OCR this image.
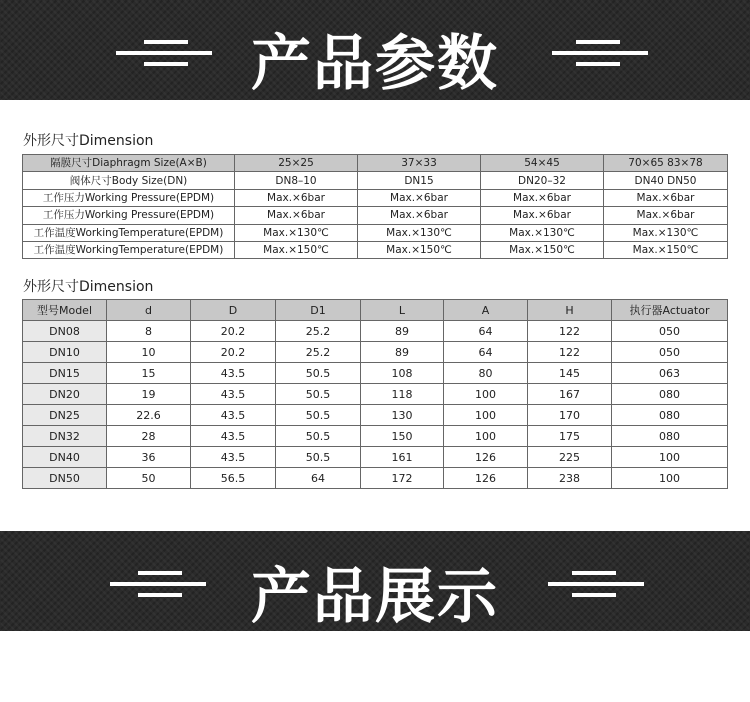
产品参数
外形尺寸Dimension
隔膜尺寸Diaphragm Size(A×B)	25×25	37×33	54×45	70×65 83×78
阀体尺寸Body Size(DN)	DN8–10	DN15	DN20–32	DN40 DN50
工作压力Working Pressure(EPDM)	Max.×6bar	Max.×6bar	Max.×6bar	Max.×6bar
工作压力Working Pressure(EPDM)	Max.×6bar	Max.×6bar	Max.×6bar	Max.×6bar
工作温度WorkingTemperature(EPDM)	Max.×130℃	Max.×130℃	Max.×130℃	Max.×130℃
工作温度WorkingTemperature(EPDM)	Max.×150℃	Max.×150℃	Max.×150℃	Max.×150℃
外形尺寸Dimension
型号Model	d	D	D1	L	A	H	执行器Actuator
DN08	8	20.2	25.2	89	64	122	050
DN10	10	20.2	25.2	89	64	122	050
DN15	15	43.5	50.5	108	80	145	063
DN20	19	43.5	50.5	118	100	167	080
DN25	22.6	43.5	50.5	130	100	170	080
DN32	28	43.5	50.5	150	100	175	080
DN40	36	43.5	50.5	161	126	225	100
DN50	50	56.5	64	172	126	238	100
产品展示
